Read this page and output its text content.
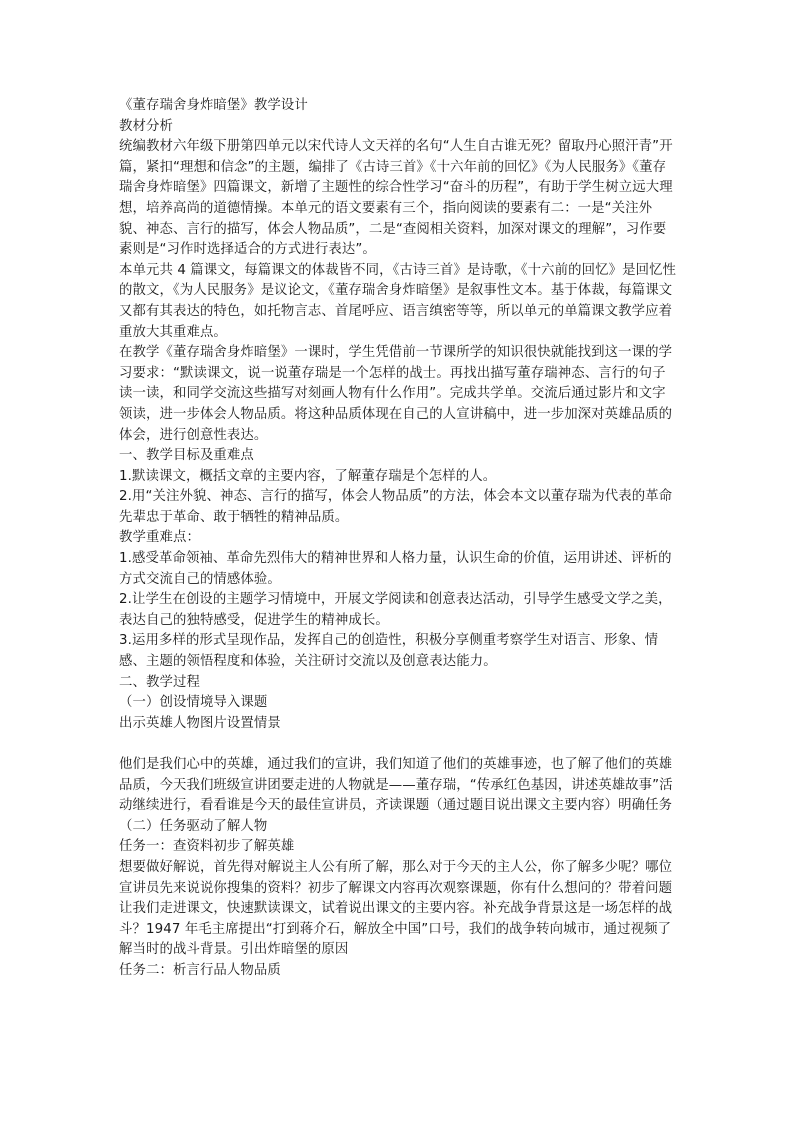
《董存瑞舍身炸暗堡》教学设计
教材分析
统编教材六年级下册第四单元以宋代诗人文天祥的名句“人生自古谁无死？留取丹心照汗青”开篇，紧扣“理想和信念”的主题，编排了《古诗三首》《十六年前的回忆》《为人民服务》《董存瑞舍身炸暗堡》四篇课文，新增了主题性的综合性学习“奋斗的历程”，有助于学生树立远大理想，培养高尚的道德情操。本单元的语文要素有三个，指向阅读的要素有二：一是“关注外貌、神态、言行的描写，体会人物品质”，二是“查阅相关资料，加深对课文的理解”，习作要素则是“习作时选择适合的方式进行表达”。
本单元共 4 篇课文，每篇课文的体裁皆不同，《古诗三首》是诗歌，《十六前的回忆》是回忆性的散文，《为人民服务》是议论文，《董存瑞舍身炸暗堡》是叙事性文本。基于体裁，每篇课文又都有其表达的特色，如托物言志、首尾呼应、语言缜密等等，所以单元的单篇课文教学应着重放大其重难点。
在教学《董存瑞舍身炸暗堡》一课时，学生凭借前一节课所学的知识很快就能找到这一课的学习要求：“默读课文，说一说董存瑞是一个怎样的战士。再找出描写董存瑞神态、言行的句子读一读，和同学交流这些描写对刻画人物有什么作用”。完成共学单。交流后通过影片和文字领读，进一步体会人物品质。将这种品质体现在自己的人宣讲稿中，进一步加深对英雄品质的体会，进行创意性表达。
一、教学目标及重难点
1.默读课文，概括文章的主要内容，了解董存瑞是个怎样的人。
2.用“关注外貌、神态、言行的描写，体会人物品质”的方法，体会本文以董存瑞为代表的革命先辈忠于革命、敢于牺牲的精神品质。
教学重难点：
1.感受革命领袖、革命先烈伟大的精神世界和人格力量，认识生命的价值，运用讲述、评析的方式交流自己的情感体验。
2.让学生在创设的主题学习情境中，开展文学阅读和创意表达活动，引导学生感受文学之美，表达自己的独特感受，促进学生的精神成长。
3.运用多样的形式呈现作品，发挥自己的创造性，积极分享侧重考察学生对语言、形象、情感、主题的领悟程度和体验，关注研讨交流以及创意表达能力。
二、教学过程
（一）创设情境导入课题
出示英雄人物图片设置情景
他们是我们心中的英雄，通过我们的宣讲，我们知道了他们的英雄事迹，也了解了他们的英雄品质，今天我们班级宣讲团要走进的人物就是——董存瑞，“传承红色基因，讲述英雄故事”活动继续进行，看看谁是今天的最佳宣讲员，齐读课题（通过题目说出课文主要内容）明确任务
（二）任务驱动了解人物
任务一：查资料初步了解英雄
想要做好解说，首先得对解说主人公有所了解，那么对于今天的主人公，你了解多少呢？哪位宣讲员先来说说你搜集的资料？初步了解课文内容再次观察课题，你有什么想问的？带着问题让我们走进课文，快速默读课文，试着说出课文的主要内容。补充战争背景这是一场怎样的战斗？1947 年毛主席提出“打到蒋介石，解放全中国”口号，我们的战争转向城市，通过视频了解当时的战斗背景。引出炸暗堡的原因
任务二：析言行品人物品质
